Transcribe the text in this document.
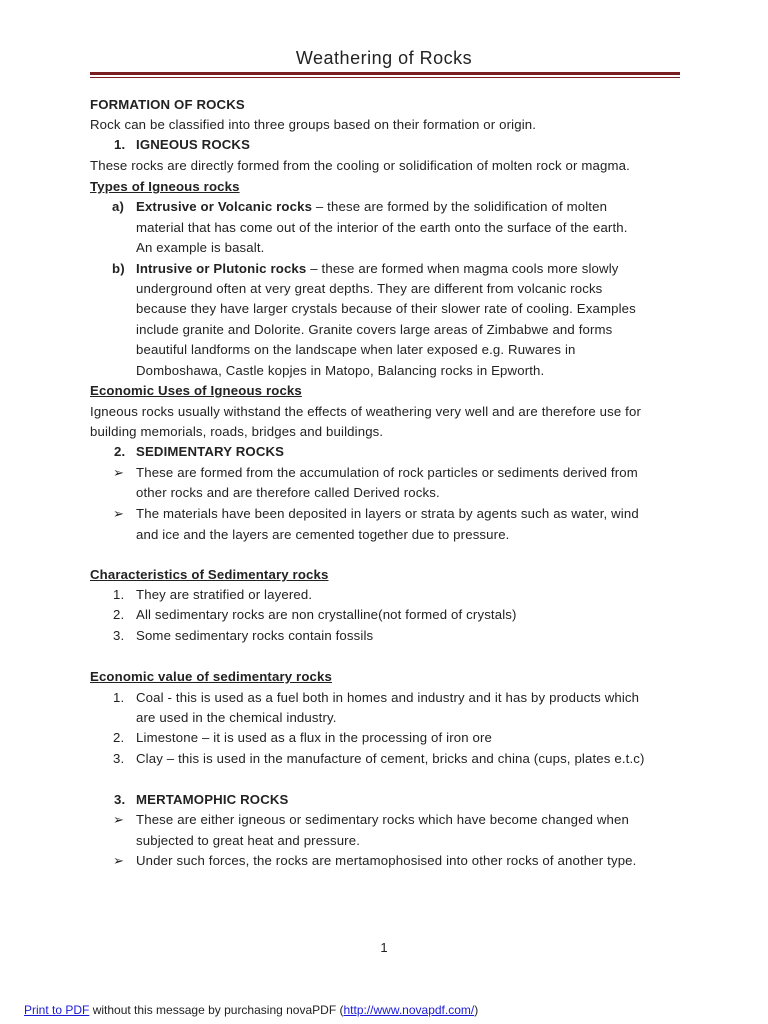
Weathering of Rocks
FORMATION OF ROCKS
Rock can be classified into three groups based on their formation or origin.
1. IGNEOUS ROCKS
These rocks are directly formed from the cooling or solidification of molten rock or magma.
Types of Igneous rocks
a) Extrusive or Volcanic rocks – these are formed by the solidification of molten
material that has come out of the interior of the earth onto the surface of the earth.
An example is basalt.
b) Intrusive or Plutonic rocks – these are formed when magma cools more slowly
underground often at very great depths. They are different from volcanic rocks
because they have larger crystals because of their slower rate of cooling. Examples
include granite and Dolorite. Granite covers large areas of Zimbabwe and forms
beautiful landforms on the landscape when later exposed e.g. Ruwares in
Domboshawa, Castle kopjes in Matopo, Balancing rocks in Epworth.
Economic Uses of Igneous rocks
Igneous rocks usually withstand the effects of weathering very well and are therefore use for
building memorials, roads, bridges and buildings.
2. SEDIMENTARY ROCKS
➢ These are formed from the accumulation of rock particles or sediments derived from
other rocks and are therefore called Derived rocks.
➢ The materials have been deposited in layers or strata by agents such as water, wind
and ice and the layers are cemented together due to pressure.
Characteristics of Sedimentary rocks
1. They are stratified or layered.
2. All sedimentary rocks are non crystalline(not formed of crystals)
3. Some sedimentary rocks contain fossils
Economic value of sedimentary rocks
1. Coal - this is used as a fuel both in homes and industry and it has by products which
are used in the chemical industry.
2. Limestone – it is used as a flux in the processing of iron ore
3. Clay – this is used in the manufacture of cement, bricks and china (cups, plates e.t.c)
3. MERTAMOPHIC ROCKS
➢ These are either igneous or sedimentary rocks which have become changed when
subjected to great heat and pressure.
➢ Under such forces, the rocks are mertamophosised into other rocks of another type.
1
Print to PDF without this message by purchasing novaPDF (http://www.novapdf.com/)
